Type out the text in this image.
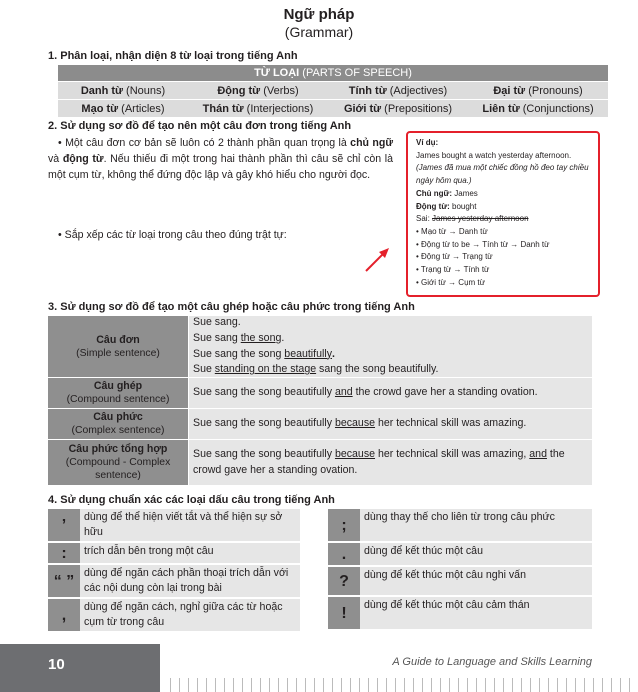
Ngữ pháp
(Grammar)
1. Phân loại, nhận diện 8 từ loại trong tiếng Anh
TỪ LOẠI (PARTS OF SPEECH)
Danh từ (Nouns)	Động từ (Verbs)	Tính từ (Adjectives)	Đại từ (Pronouns)
Mạo từ (Articles)	Thán từ (Interjections)	Giới từ (Prepositions)	Liên từ (Conjunctions)
2. Sử dụng sơ đồ để tạo nên một câu đơn trong tiếng Anh
• Một câu đơn cơ bản sẽ luôn có 2 thành phần quan trọng là chủ ngữ và động từ. Nếu thiếu đi một trong hai thành phần thì câu sẽ chỉ còn là một cụm từ, không thể đứng độc lập và gây khó hiểu cho người đọc.
• Sắp xếp các từ loại trong câu theo đúng trật tự:
Ví dụ:
James bought a watch yesterday afternoon.
(James đã mua một chiếc đồng hồ đeo tay chiều ngày hôm qua.)
Chủ ngữ: James
Động từ: bought
Sai: James yesterday afternoon
• Mạo từ → Danh từ
• Động từ to be → Tính từ → Danh từ
• Động từ → Trạng từ
• Trạng từ → Tính từ
• Giới từ → Cụm từ
3. Sử dụng sơ đồ để tạo một câu ghép hoặc câu phức trong tiếng Anh
Câu đơn
(Simple sentence)
Sue sang.
Sue sang the song.
Sue sang the song beautifully.
Sue standing on the stage sang the song beautifully.
Câu ghép
(Compound sentence)
Sue sang the song beautifully and the crowd gave her a standing ovation.
Câu phức
(Complex sentence)
Sue sang the song beautifully because her technical skill was amazing.
Câu phức tổng hợp
(Compound - Complex sentence)
Sue sang the song beautifully because her technical skill was amazing, and the crowd gave her a standing ovation.
4. Sử dụng chuẩn xác các loại dấu câu trong tiếng Anh
’	dùng để thể hiện viết tắt và thể hiện sự sở hữu
:	trích dẫn bên trong một câu
“ ” dùng để ngăn cách phần thoại trích dẫn với các nội dung còn lại trong bài
,	dùng để ngăn cách, nghỉ giữa các từ hoặc cụm từ trong câu
;	dùng thay thế cho liên từ trong câu phức
.	dùng để kết thúc một câu
?	dùng để kết thúc một câu nghi vấn
!	dùng để kết thúc một câu cảm thán
10	A Guide to Language and Skills Learning
